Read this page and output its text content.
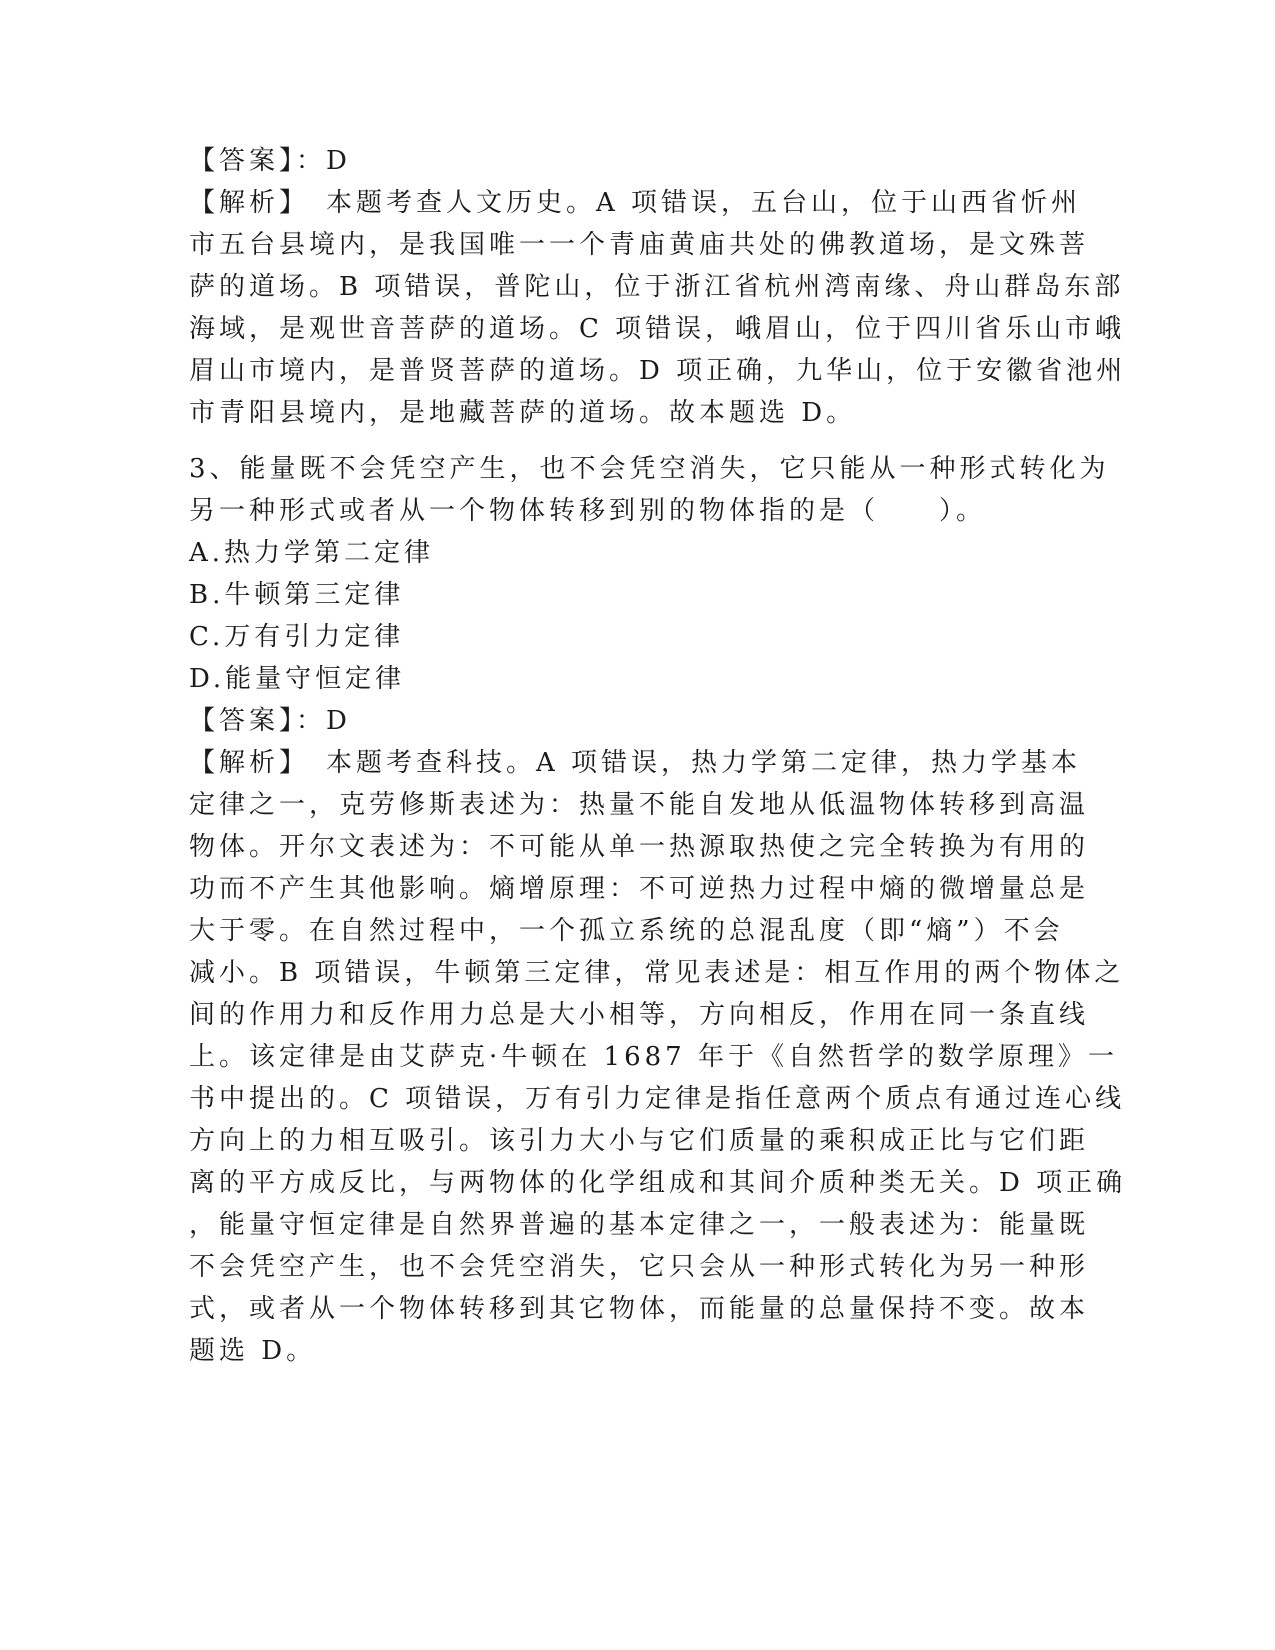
【答案】：D
【解析】　本题考查人文历史。A 项错误，五台山，位于山西省忻州
市五台县境内，是我国唯一一个青庙黄庙共处的佛教道场，是文殊菩
萨的道场。B 项错误，普陀山，位于浙江省杭州湾南缘、舟山群岛东部
海域，是观世音菩萨的道场。C 项错误，峨眉山，位于四川省乐山市峨
眉山市境内，是普贤菩萨的道场。D 项正确，九华山，位于安徽省池州
市青阳县境内，是地藏菩萨的道场。故本题选 D。
3、能量既不会凭空产生，也不会凭空消失，它只能从一种形式转化为
另一种形式或者从一个物体转移到别的物体指的是（　　）。
A.热力学第二定律
B.牛顿第三定律
C.万有引力定律
D.能量守恒定律
【答案】：D
【解析】　本题考查科技。A 项错误，热力学第二定律，热力学基本
定律之一，克劳修斯表述为：热量不能自发地从低温物体转移到高温
物体。开尔文表述为：不可能从单一热源取热使之完全转换为有用的
功而不产生其他影响。熵增原理：不可逆热力过程中熵的微增量总是
大于零。在自然过程中，一个孤立系统的总混乱度（即“熵”）不会
减小。B 项错误，牛顿第三定律，常见表述是：相互作用的两个物体之
间的作用力和反作用力总是大小相等，方向相反，作用在同一条直线
上。该定律是由艾萨克·牛顿在 1687 年于《自然哲学的数学原理》一
书中提出的。C 项错误，万有引力定律是指任意两个质点有通过连心线
方向上的力相互吸引。该引力大小与它们质量的乘积成正比与它们距
离的平方成反比，与两物体的化学组成和其间介质种类无关。D 项正确
，能量守恒定律是自然界普遍的基本定律之一，一般表述为：能量既
不会凭空产生，也不会凭空消失，它只会从一种形式转化为另一种形
式，或者从一个物体转移到其它物体，而能量的总量保持不变。故本
题选 D。
